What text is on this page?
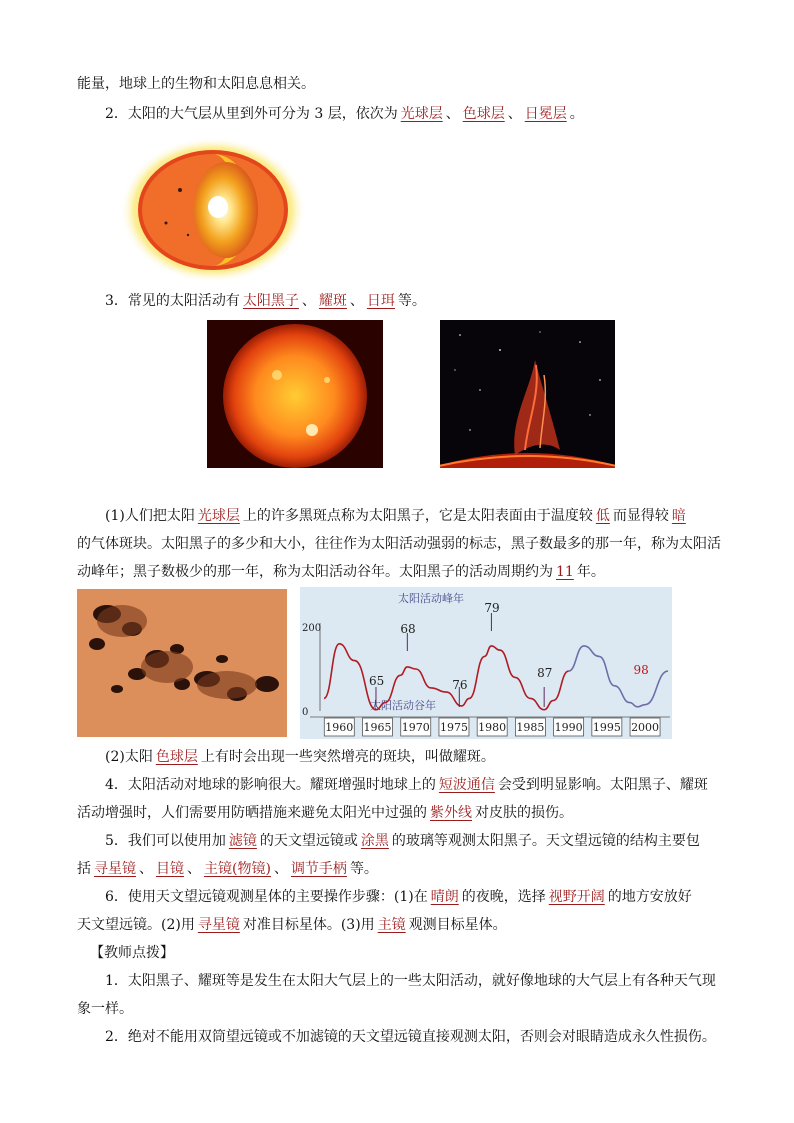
能量，地球上的生物和太阳息息相关。
2．太阳的大气层从里到外可分为 3 层，依次为 光球层 、 色球层 、 日冕层 。
3．常见的太阳活动有 太阳黑子 、 耀斑 、 日珥 等。
(1)人们把太阳 光球层 上的许多黑斑点称为太阳黑子，它是太阳表面由于温度较 低 而显得较 暗
的气体斑块。太阳黑子的多少和大小，往往作为太阳活动强弱的标志，黑子数最多的那一年，称为太阳活
动峰年；黑子数极少的那一年，称为太阳活动谷年。太阳黑子的活动周期约为 11 年。
太阳活动峰年
太阳活动谷年
200
0
68
79
98
65	76
87
1960 1965 1970 1975 1980 1985 1990 1995 2000
(2)太阳 色球层 上有时会出现一些突然增亮的斑块，叫做耀斑。
4．太阳活动对地球的影响很大。耀斑增强时地球上的 短波通信 会受到明显影响。太阳黑子、耀斑
活动增强时，人们需要用防晒措施来避免太阳光中过强的 紫外线 对皮肤的损伤。
5．我们可以使用加 滤镜 的天文望远镜或 涂黑 的玻璃等观测太阳黑子。天文望远镜的结构主要包
括 寻星镜 、 目镜 、 主镜(物镜) 、 调节手柄 等。
6．使用天文望远镜观测星体的主要操作步骤：(1)在 晴朗 的夜晚，选择 视野开阔 的地方安放好
天文望远镜。(2)用 寻星镜 对准目标星体。(3)用 主镜 观测目标星体。
【教师点拨】
1．太阳黑子、耀斑等是发生在太阳大气层上的一些太阳活动，就好像地球的大气层上有各种天气现
象一样。
2．绝对不能用双筒望远镜或不加滤镜的天文望远镜直接观测太阳，否则会对眼睛造成永久性损伤。
